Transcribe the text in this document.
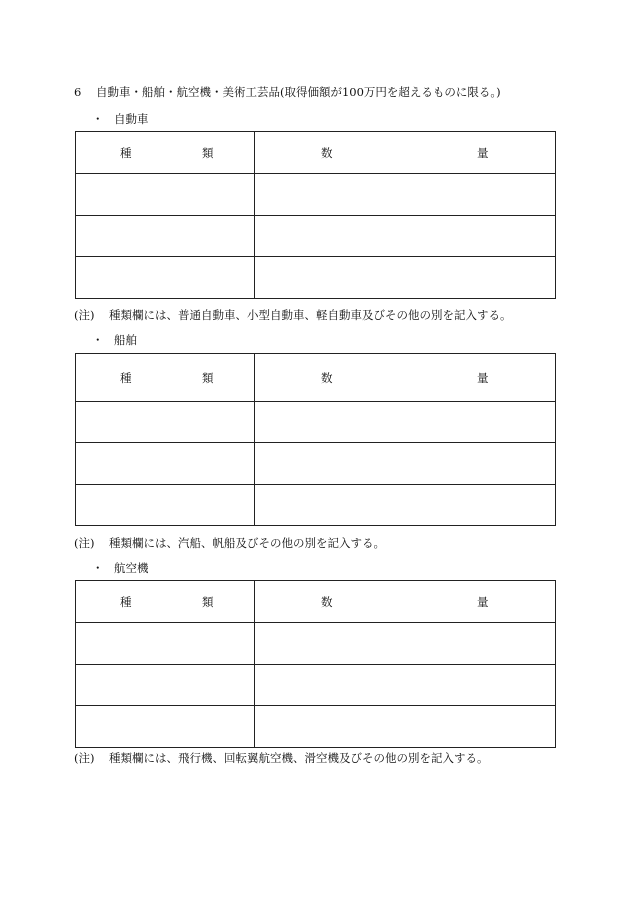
6 自動車・船舶・航空機・美術工芸品(取得価額が100万円を超えるものに限る。)
・ 自動車
種 類	数 量

(注) 種類欄には、普通自動車、小型自動車、軽自動車及びその他の別を記入する。
・ 船舶
種 類	数 量

(注) 種類欄には、汽船、帆船及びその他の別を記入する。
・ 航空機
種 類	数 量

(注) 種類欄には、飛行機、回転翼航空機、滑空機及びその他の別を記入する。
